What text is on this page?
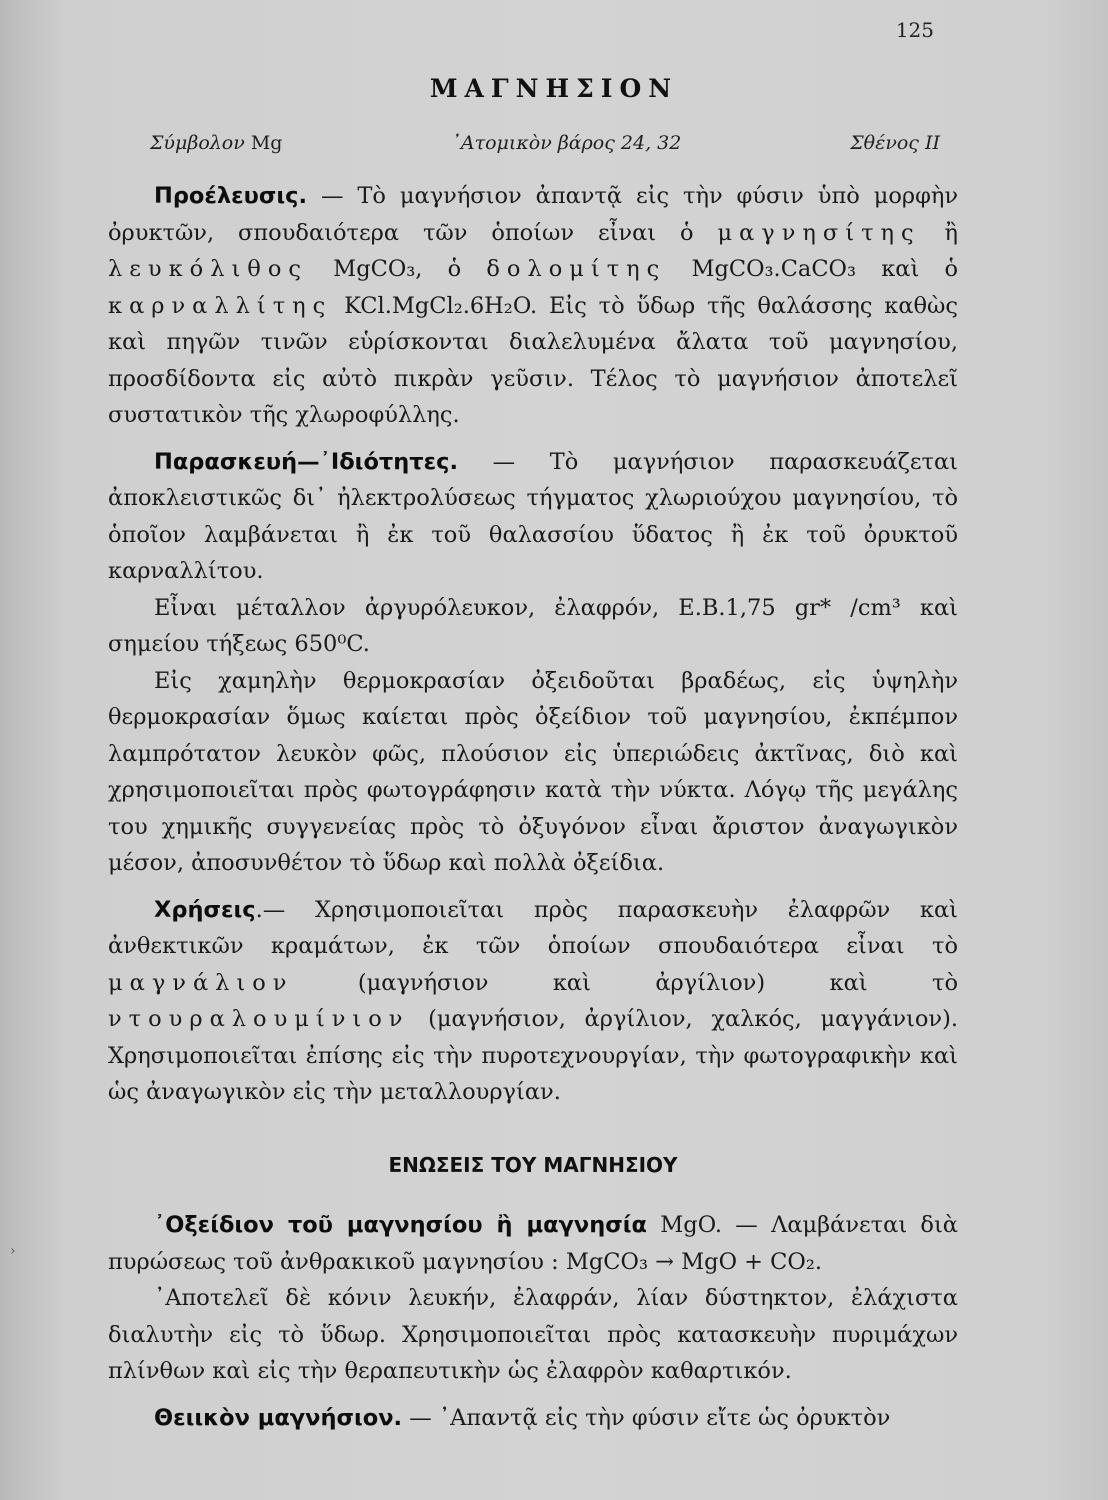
125
ΜΑΓΝΗΣΙΟΝ
Σύμβολον Mg	᾿Ατομικὸν βάρος 24, 32	Σθένος II

Προέλευσις. — Τὸ μαγνήσιον ἀπαντᾷ εἰς τὴν φύσιν ὑπὸ μορφὴν ὀρυκτῶν, σπουδαιότερα τῶν ὁποίων εἶναι ὁ μαγνησίτης ἢ λευκόλιθος MgCO₃, ὁ δολομίτης MgCO₃.CaCO₃ καὶ ὁ καρναλλίτης KCl.MgCl₂.6H₂O. Εἰς τὸ ὕδωρ τῆς θαλάσσης καθὼς καὶ πηγῶν τινῶν εὑρίσκονται διαλελυμένα ἄλατα τοῦ μαγνησίου, προσδίδοντα εἰς αὐτὸ πικρὰν γεῦσιν. Τέλος τὸ μαγνήσιον ἀποτελεῖ συστατικὸν τῆς χλωροφύλλης.

Παρασκευή—᾿Ιδιότητες. — Τὸ μαγνήσιον παρασκευάζεται ἀποκλειστικῶς δι᾿ ἠλεκτρολύσεως τήγματος χλωριούχου μαγνησίου, τὸ ὁποῖον λαμβάνεται ἢ ἐκ τοῦ θαλασσίου ὕδατος ἢ ἐκ τοῦ ὀρυκτοῦ καρναλλίτου.

Εἶναι μέταλλον ἀργυρόλευκον, ἐλαφρόν, Ε.Β.1,75 gr* /cm³ καὶ σημείου τήξεως 650⁰C.

Εἰς χαμηλὴν θερμοκρασίαν ὀξειδοῦται βραδέως, εἰς ὑψηλὴν θερμοκρασίαν ὅμως καίεται πρὸς ὀξείδιον τοῦ μαγνησίου, ἐκπέμπον λαμπρότατον λευκὸν φῶς, πλούσιον εἰς ὑπεριώδεις ἀκτῖνας, διὸ καὶ χρησιμοποιεῖται πρὸς φωτογράφησιν κατὰ τὴν νύκτα. Λόγῳ τῆς μεγάλης του χημικῆς συγγενείας πρὸς τὸ ὀξυγόνον εἶναι ἄριστον ἀναγωγικὸν μέσον, ἀποσυνθέτον τὸ ὕδωρ καὶ πολλὰ ὀξείδια.

Χρήσεις.— Χρησιμοποιεῖται πρὸς παρασκευὴν ἐλαφρῶν καὶ ἀνθεκτικῶν κραμάτων, ἐκ τῶν ὁποίων σπουδαιότερα εἶναι τὸ μαγνάλιον	(μαγνήσιον καὶ ἀργίλιον) καὶ τὸ ντουραλουμίνιον (μαγνήσιον, ἀργίλιον, χαλκός, μαγγάνιον). Χρησιμοποιεῖται ἐπίσης εἰς τὴν πυροτεχνουργίαν, τὴν φωτογραφικὴν καὶ ὡς ἀναγωγικὸν εἰς τὴν μεταλλουργίαν.

ΕΝΩΣΕΙΣ ΤΟΥ ΜΑΓΝΗΣΙΟΥ

᾿Οξείδιον τοῦ μαγνησίου ἢ μαγνησία MgO. — Λαμβάνεται διὰ πυρώσεως τοῦ ἀνθρακικοῦ μαγνησίου : MgCO₃ → MgO + CO₂.

᾿Αποτελεῖ δὲ κόνιν λευκήν, ἐλαφράν, λίαν δύστηκτον, ἐλάχιστα διαλυτὴν εἰς τὸ ὕδωρ. Χρησιμοποιεῖται πρὸς κατασκευὴν πυριμάχων πλίνθων καὶ εἰς τὴν θεραπευτικὴν ὡς ἐλαφρὸν καθαρτικόν.

Θειικὸν μαγνήσιον. — ᾿Απαντᾷ εἰς τὴν φύσιν εἴτε ὡς ὀρυκτὸν

›
